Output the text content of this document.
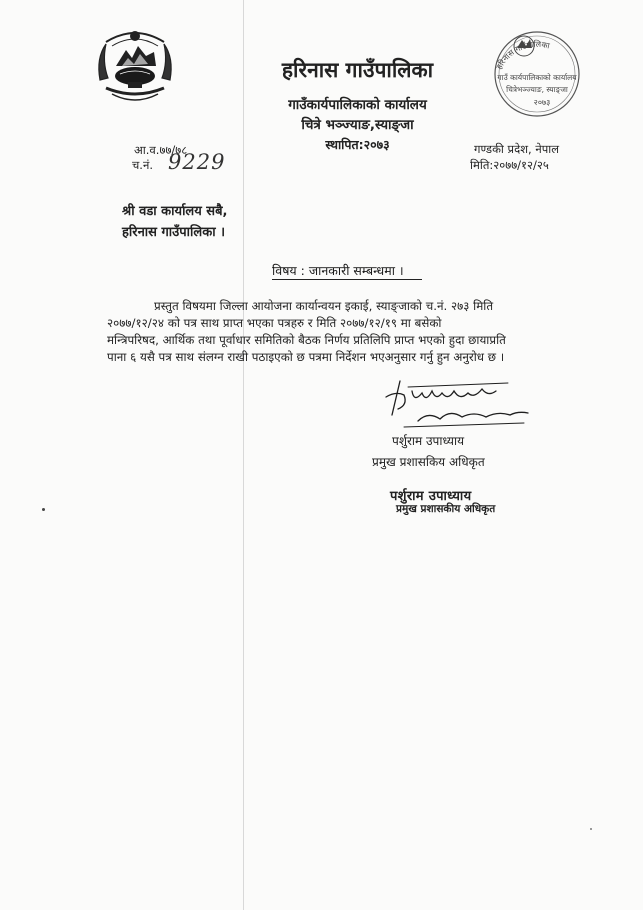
हरिनास गाउँपालिका
गाउँ कार्यपालिकाको कार्यालय
चित्रेभञ्ज्याङ, स्याङ्जा
२०७३
हरिनास गाउँपालिका
गाउँकार्यपालिकाको कार्यालय
चित्रे भञ्ज्याङ,स्याङ्जा
स्थापित:२०७३
आ.व.७७/७८
च.नं. 9229
गण्डकी प्रदेश, नेपाल
मिति:२०७७/१२/२५
श्री वडा कार्यालय सबै,
हरिनास गाउँपालिका ।
विषय : जानकारी सम्बन्धमा ।
प्रस्तुत विषयमा जिल्ला आयोजना कार्यान्वयन इकाई, स्याङ्जाको च.नं. २७३ मिति
२०७७/१२/२४ को पत्र साथ प्राप्त भएका पत्रहरु र मिति २०७७/१२/१९ मा बसेको
मन्त्रिपरिषद, आर्थिक तथा पूर्वाधार समितिको बैठक निर्णय प्रतिलिपि प्राप्त भएको हुदा छायाप्रति
पाना ६ यसै पत्र साथ संलग्न राखी पठाइएको छ पत्रमा निर्देशन भएअनुसार गर्नु हुन अनुरोध छ ।
पर्शुराम उपाध्याय
प्रमुख प्रशासकिय अधिकृत
पर्शुराम उपाध्याय
प्रमुख प्रशासकीय अधिकृत
